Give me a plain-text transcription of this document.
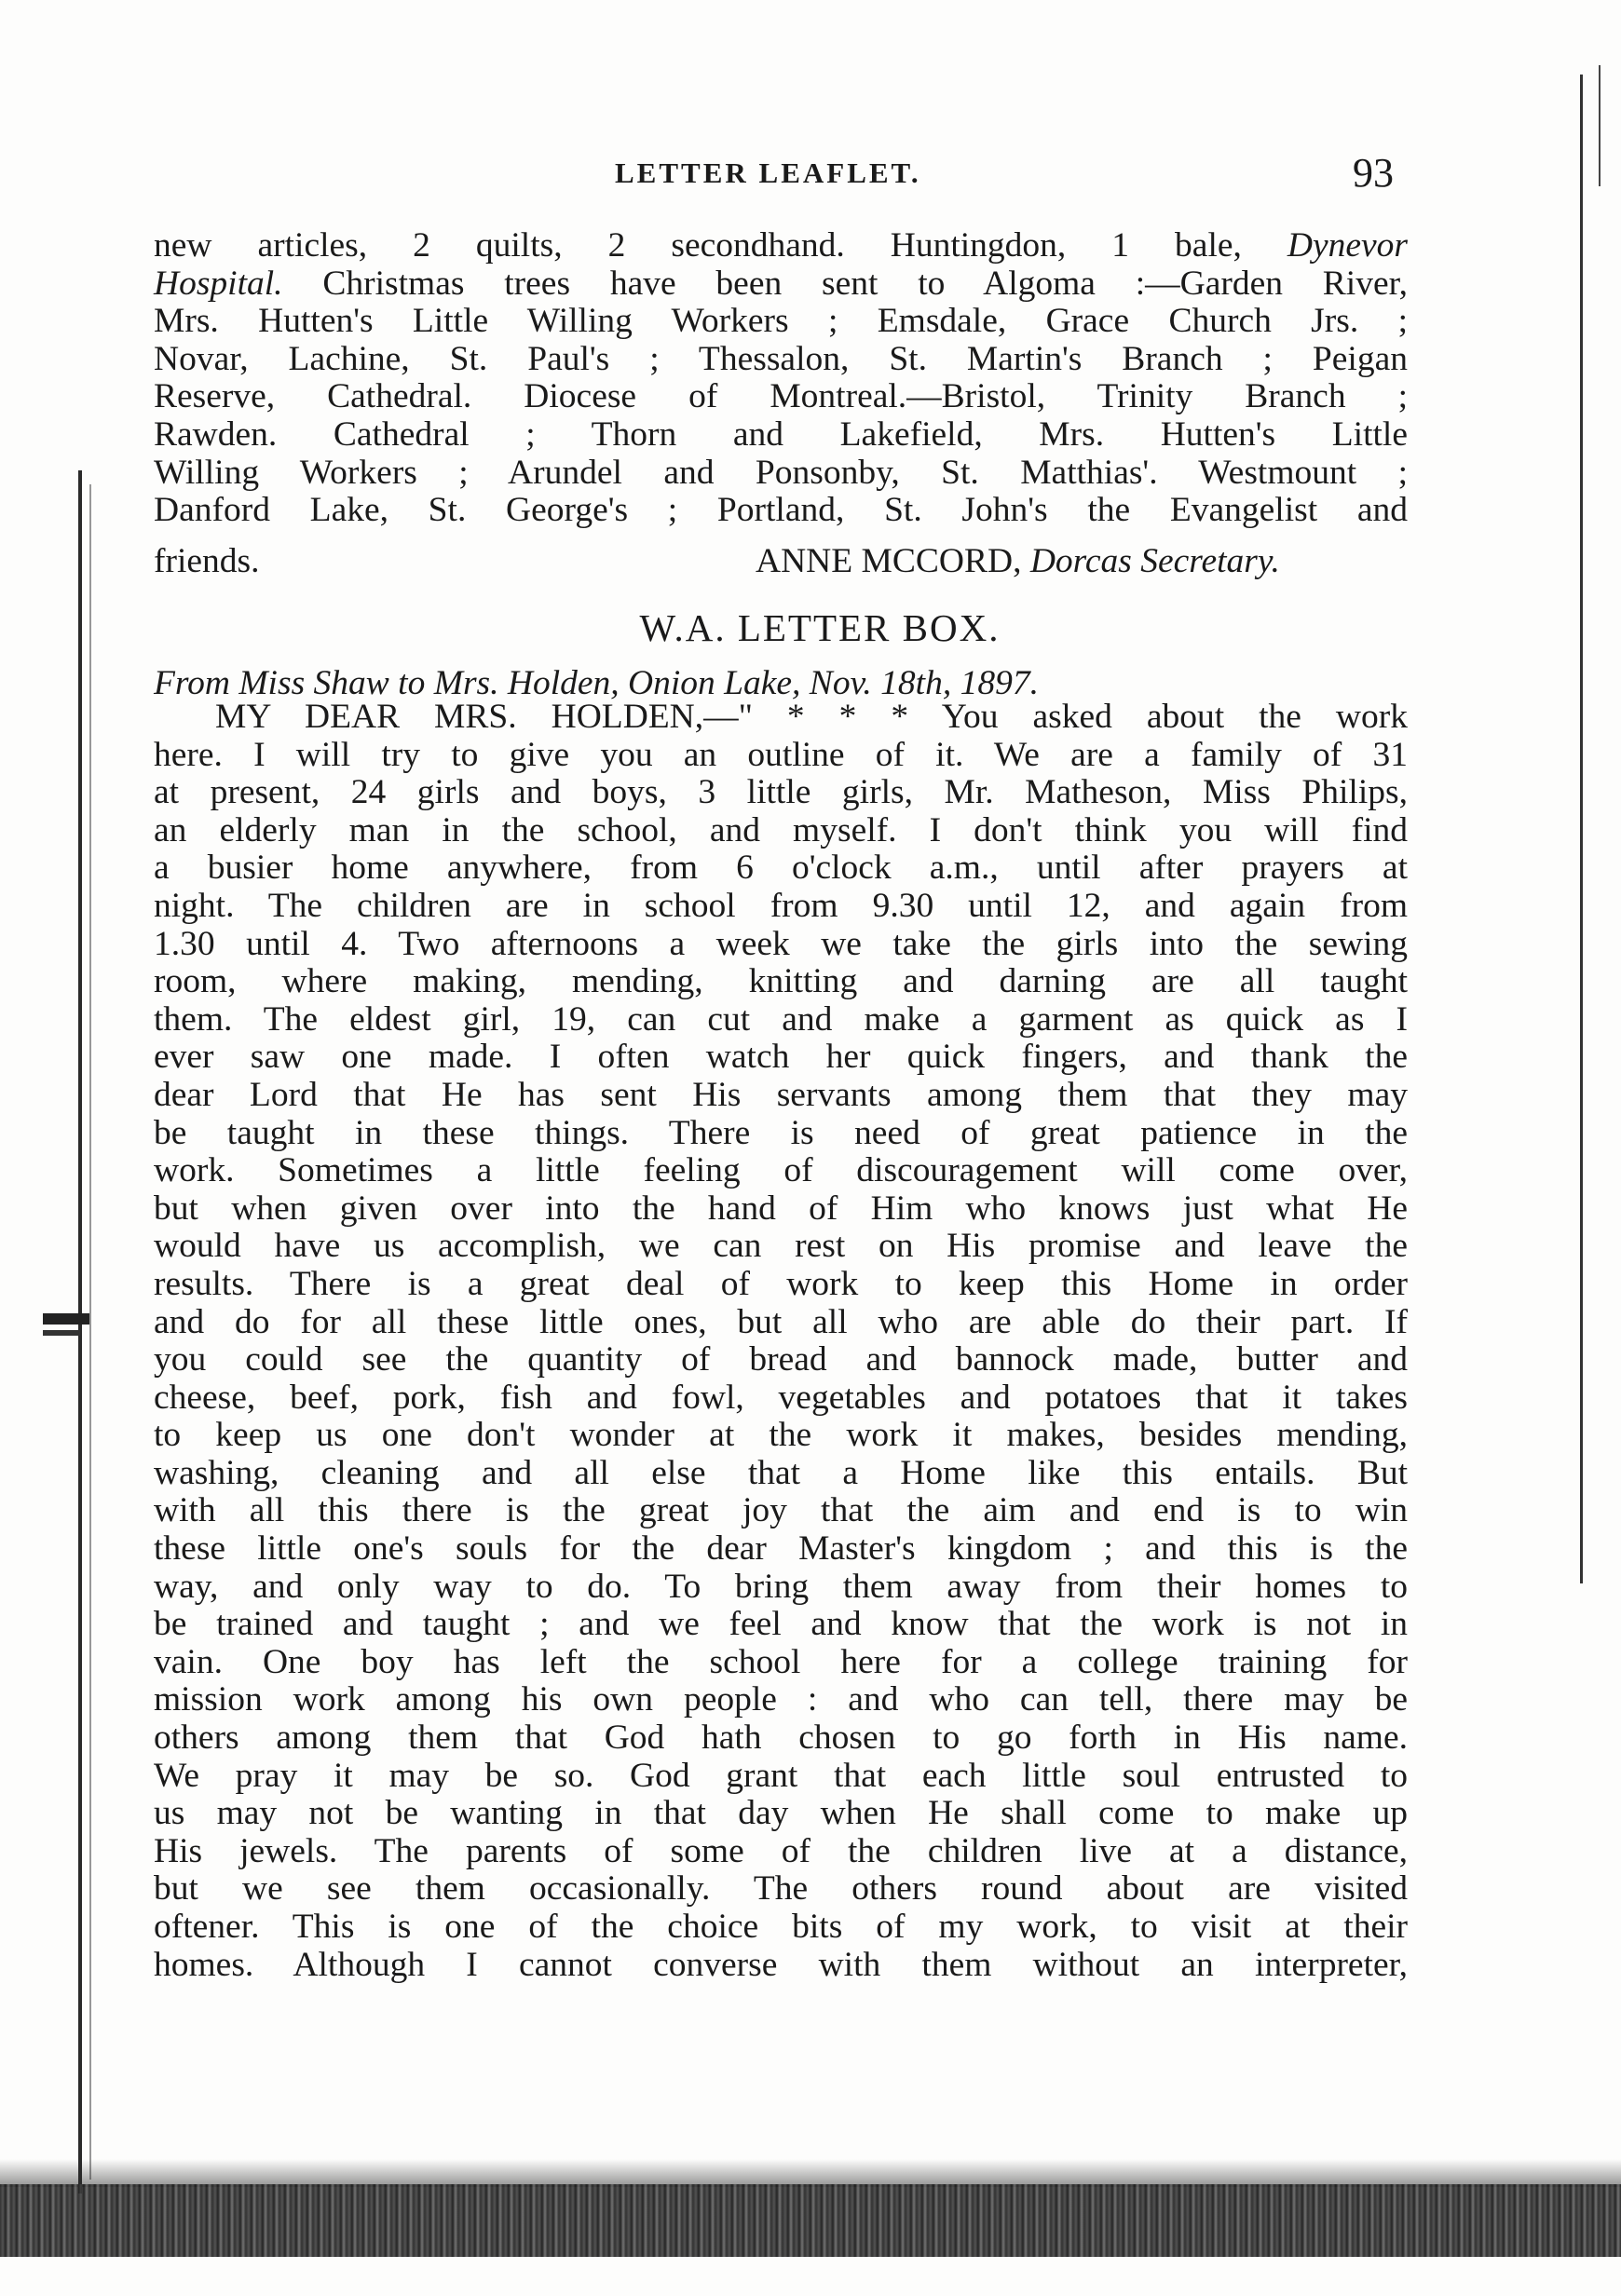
LETTER LEAFLET.	93
new articles, 2 quilts, 2 secondhand. Huntingdon, 1 bale, Dynevor
Hospital. Christmas trees have been sent to Algoma :—Garden River,
Mrs. Hutten's Little Willing Workers ; Emsdale, Grace Church Jrs. ;
Novar, Lachine, St. Paul's ; Thessalon, St. Martin's Branch ; Peigan
Reserve, Cathedral. Diocese of Montreal.—Bristol, Trinity Branch ;
Rawden. Cathedral ; Thorn and Lakefield, Mrs. Hutten's Little
Willing Workers ; Arundel and Ponsonby, St. Matthias'. Westmount ;
Danford Lake, St. George's ; Portland, St. John's the Evangelist and
friends.	ANNE MCCORD, Dorcas Secretary.
W.A. LETTER BOX.
From Miss Shaw to Mrs. Holden, Onion Lake, Nov. 18th, 1897.
MY DEAR MRS. HOLDEN,—" * * * You asked about the work
here. I will try to give you an outline of it. We are a family of 31
at present, 24 girls and boys, 3 little girls, Mr. Matheson, Miss Philips,
an elderly man in the school, and myself. I don't think you will find
a busier home anywhere, from 6 o'clock a.m., until after prayers at
night. The children are in school from 9.30 until 12, and again from
1.30 until 4. Two afternoons a week we take the girls into the sewing
room, where making, mending, knitting and darning are all taught
them. The eldest girl, 19, can cut and make a garment as quick as I
ever saw one made. I often watch her quick fingers, and thank the
dear Lord that He has sent His servants among them that they may
be taught in these things. There is need of great patience in the
work. Sometimes a little feeling of discouragement will come over,
but when given over into the hand of Him who knows just what He
would have us accomplish, we can rest on His promise and leave the
results. There is a great deal of work to keep this Home in order
and do for all these little ones, but all who are able do their part. If
you could see the quantity of bread and bannock made, butter and
cheese, beef, pork, fish and fowl, vegetables and potatoes that it takes
to keep us one don't wonder at the work it makes, besides mending,
washing, cleaning and all else that a Home like this entails. But
with all this there is the great joy that the aim and end is to win
these little one's souls for the dear Master's kingdom ; and this is the
way, and only way to do. To bring them away from their homes to
be trained and taught ; and we feel and know that the work is not in
vain. One boy has left the school here for a college training for
mission work among his own people : and who can tell, there may be
others among them that God hath chosen to go forth in His name.
We pray it may be so. God grant that each little soul entrusted to
us may not be wanting in that day when He shall come to make up
His jewels. The parents of some of the children live at a distance,
but we see them occasionally. The others round about are visited
oftener. This is one of the choice bits of my work, to visit at their
homes. Although I cannot converse with them without an interpreter,
